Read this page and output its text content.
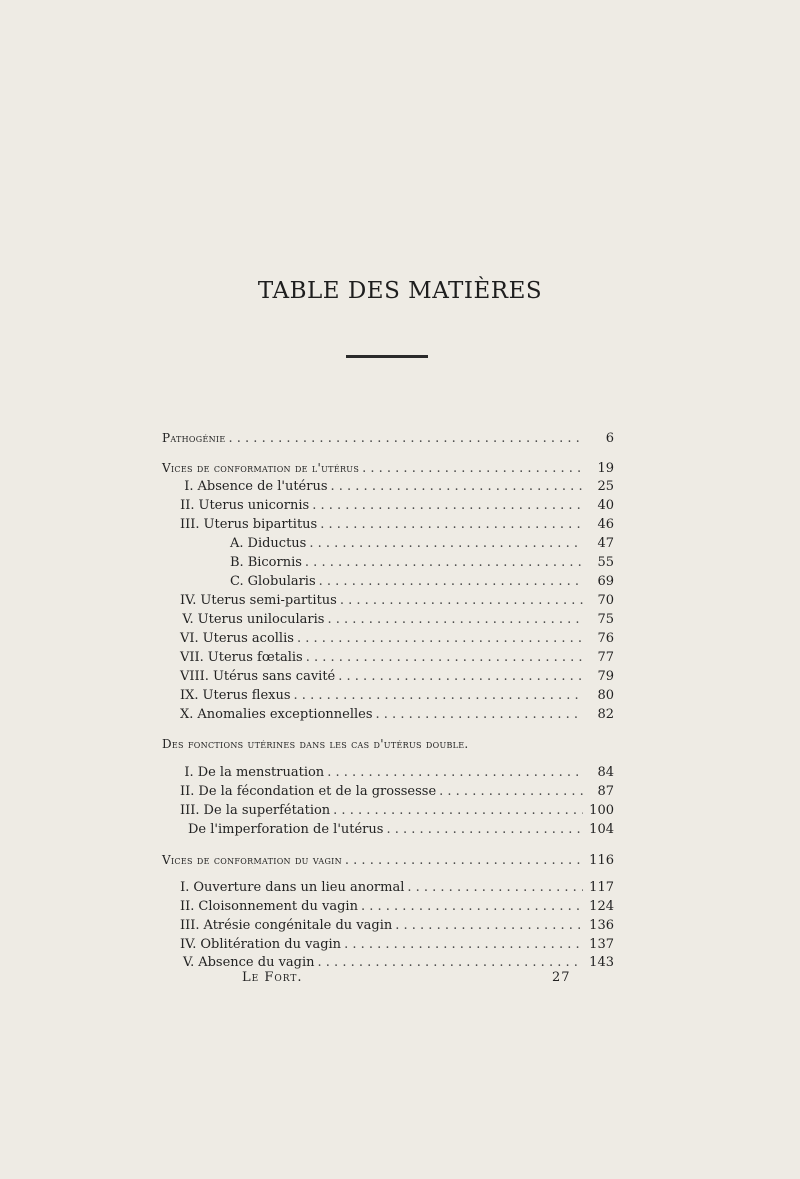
TABLE DES MATIÈRES
Pathogénie . . .	6
Vices de conformation de l'utérus . . .	19
I. Absence de l'utérus . . .	25
II. Uterus unicornis . . .	40
III. Uterus bipartitus . . .	46
A. Diductus . . .	47
B. Bicornis . . .	55
C. Globularis . . .	69
IV. Uterus semi-partitus . . .	70
V. Uterus unilocularis . . .	75
VI. Uterus acollis . . .	76
VII. Uterus fœtalis . . .	77
VIII. Utérus sans cavité . . .	79
IX. Uterus flexus . . .	80
X. Anomalies exceptionnelles . . .	82
Des fonctions utérines dans les cas d'utérus double.
I. De la menstruation . . .	84
II. De la fécondation et de la grossesse . . .	87
III. De la superfétation . . .	100
De l'imperforation de l'utérus . . .	104
Vices de conformation du vagin . . .	116
I. Ouverture dans un lieu anormal . . .	117
II. Cloisonnement du vagin . . .	124
III. Atrésie congénitale du vagin . . .	136
IV. Oblitération du vagin . . .	137
V. Absence du vagin . . .	143
Le Fort.	27
